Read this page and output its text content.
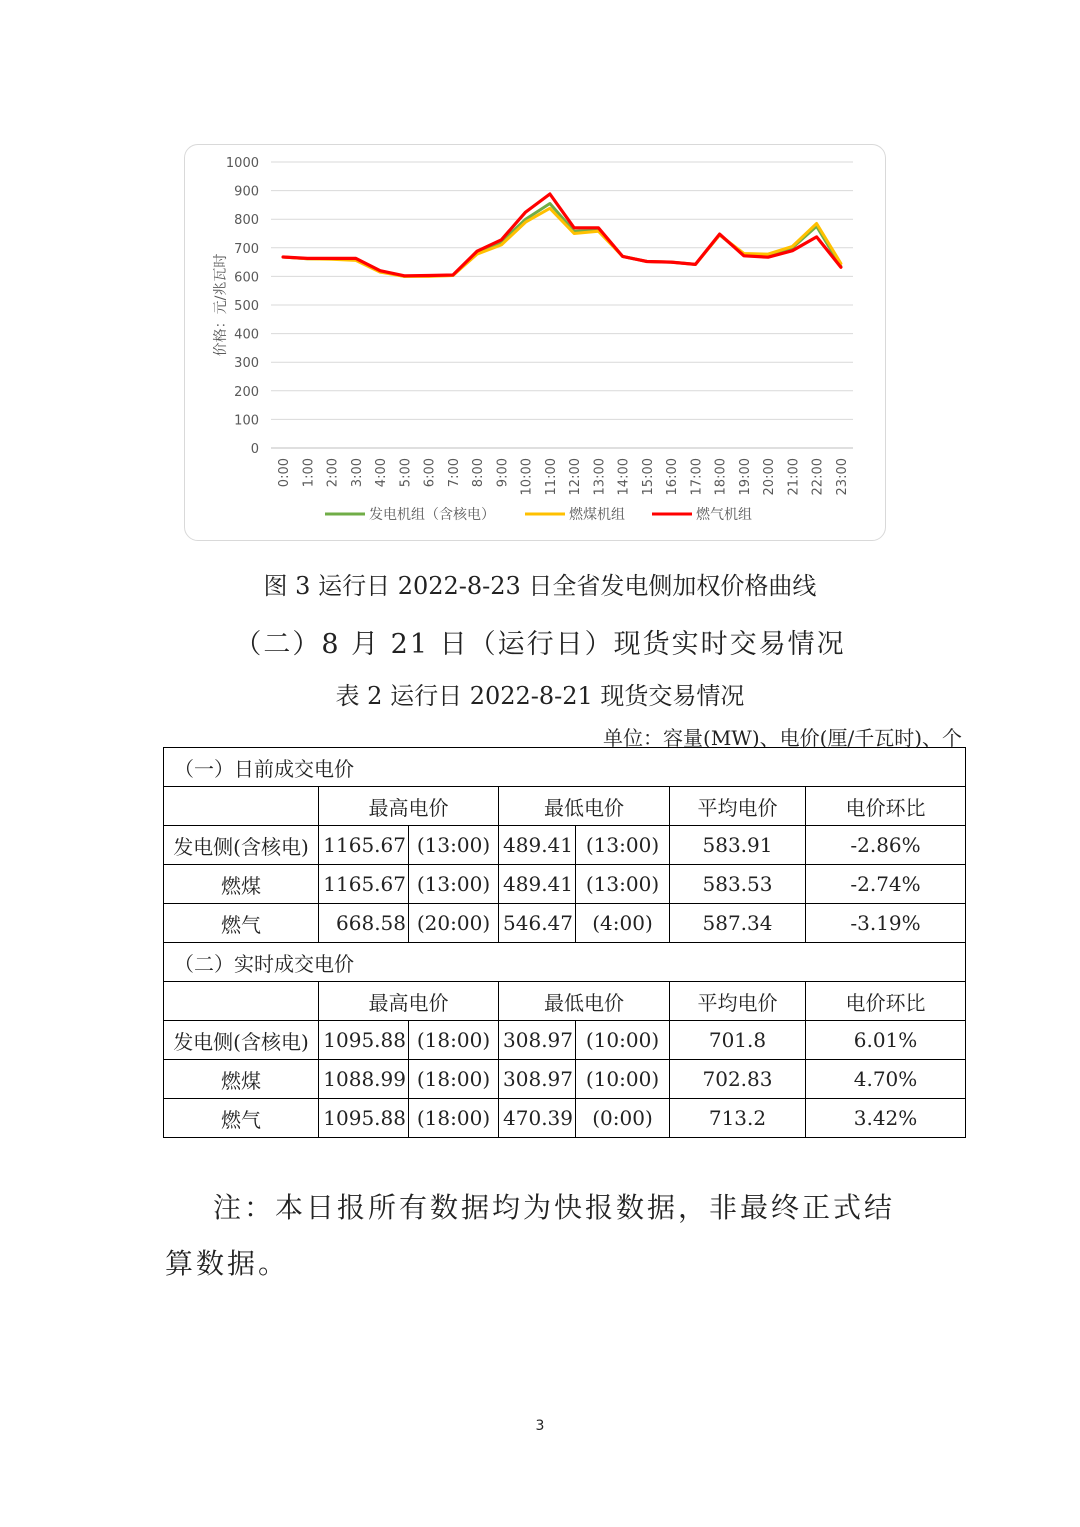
0
100
200
300
400
500
600
700
800
900
1000
价格：元/兆瓦时
0:00 1:00 2:00 3:00 4:00 5:00 6:00 7:00 8:00 9:00 10:00 11:00 12:00 13:00 14:00 15:00 16:00 17:00 18:00 19:00 20:00 21:00 22:00 23:00
发电机组（含核电）	燃煤机组	燃气机组
图 3 运行日 2022-8-23 日全省发电侧加权价格曲线
（二）8 月 21 日（运行日）现货实时交易情况
表 2 运行日 2022-8-21 现货交易情况
单位：容量(MW)、电价(厘/千瓦时)、个
（一）日前成交电价						
	最高电价		最低电价		平均电价	电价环比
发电侧(含核电)	1165.67	(13:00)	489.41	(13:00)	583.91	-2.86%
燃煤	1165.67	(13:00)	489.41	(13:00)	583.53	-2.74%
燃气	668.58	(20:00)	546.47	(4:00)	587.34	-3.19%
（二）实时成交电价						
	最高电价		最低电价		平均电价	电价环比
发电侧(含核电)	1095.88	(18:00)	308.97	(10:00)	701.8	6.01%
燃煤	1088.99	(18:00)	308.97	(10:00)	702.83	4.70%
燃气	1095.88	(18:00)	470.39	(0:00)	713.2	3.42%
注：本日报所有数据均为快报数据，非最终正式结算数据。
3
